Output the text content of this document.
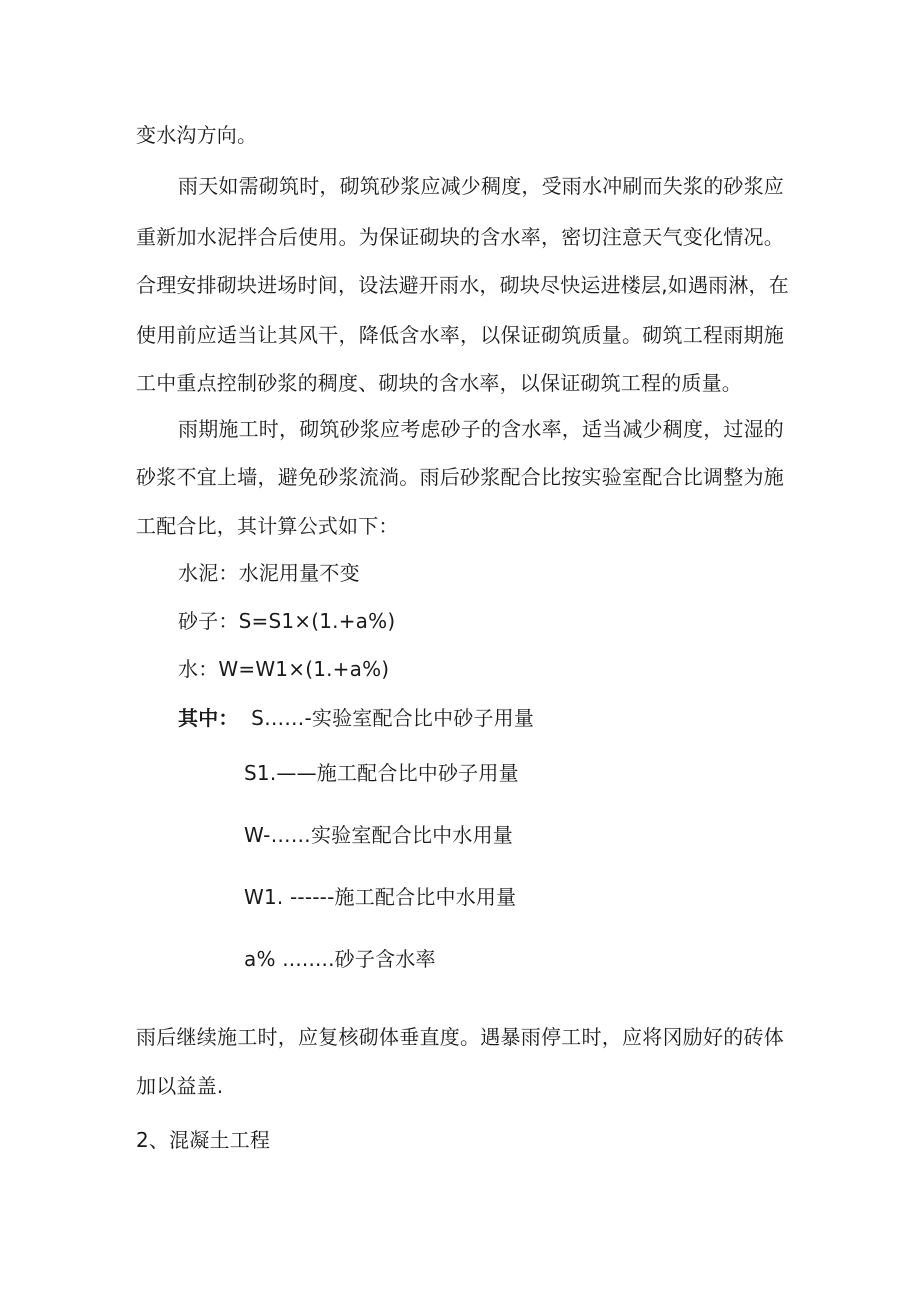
变水沟方向。
雨天如需砌筑时，砌筑砂浆应减少稠度，受雨水冲刷而失浆的砂浆应
重新加水泥拌合后使用。为保证砌块的含水率，密切注意天气变化情况。
合理安排砌块进场时间，设法避开雨水，砌块尽快运进楼层,如遇雨淋，在
使用前应适当让其风干，降低含水率，以保证砌筑质量。砌筑工程雨期施
工中重点控制砂浆的稠度、砌块的含水率，以保证砌筑工程的质量。
雨期施工时，砌筑砂浆应考虑砂子的含水率，适当减少稠度，过湿的
砂浆不宜上墙，避免砂浆流淌。雨后砂浆配合比按实验室配合比调整为施
工配合比，其计算公式如下：
水泥：水泥用量不变
砂子：S=S1×(1.+a%)
水：W=W1×(1.+a%)
其中： S……-实验室配合比中砂子用量
S1.——施工配合比中砂子用量
W-……实验室配合比中水用量
W1. ------施工配合比中水用量
a% ........砂子含水率
雨后继续施工时，应复核砌体垂直度。遇暴雨停工时，应将冈励好的砖体
加以益盖.
2、混凝土工程
